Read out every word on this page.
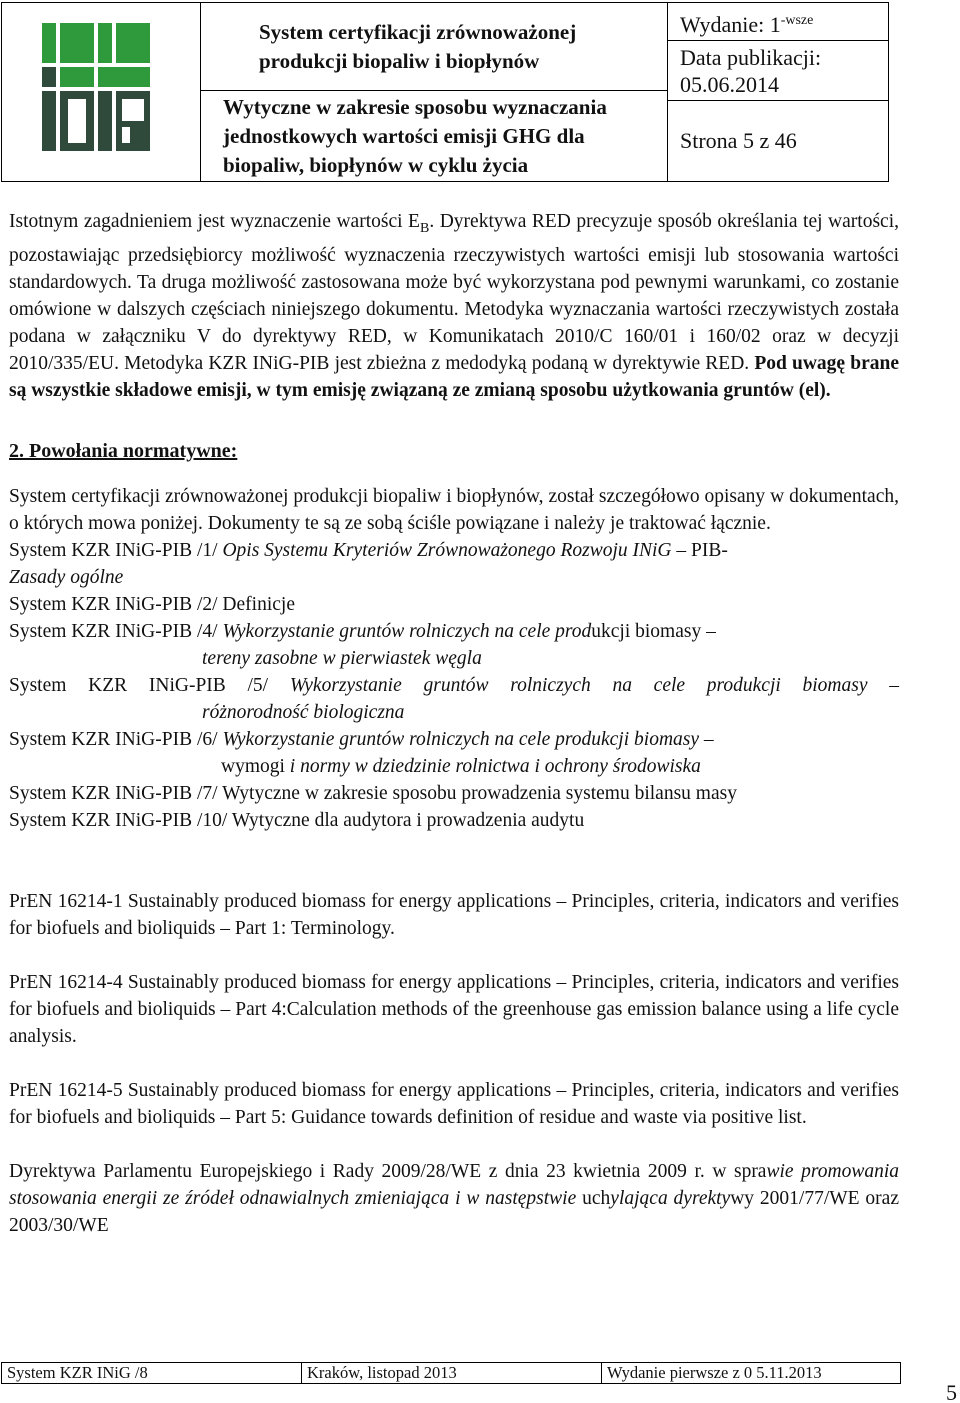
System certyfikacji zrównoważonej
produkcji biopaliw i biopłynów
Wytyczne w zakresie sposobu wyznaczania
jednostkowych wartości emisji GHG dla
biopaliw, biopłynów w cyklu życia
Wydanie: $1^{-wsze}$
Data publikacji:
05.06.2014
Strona 5 z 46

Istotnym zagadnieniem jest wyznaczenie wartości $E_B$. Dyrektywa RED precyzuje sposób określania tej wartości, pozostawiając przedsiębiorcy możliwość wyznaczenia rzeczywistych wartości emisji lub stosowania wartości standardowych. Ta druga możliwość zastosowana może być wykorzystana pod pewnymi warunkami, co zostanie omówione w dalszych częściach niniejszego dokumentu. Metodyka wyznaczania wartości rzeczywistych została podana w załączniku V do dyrektywy RED, w Komunikatach 2010/C 160/01 i 160/02 oraz w decyzji 2010/335/EU. Metodyka KZR INiG-PIB jest zbieżna z medodyką podaną w dyrektywie RED. Pod uwagę brane są wszystkie składowe emisji, w tym emisję związaną ze zmianą sposobu użytkowania gruntów (el).

2. Powołania normatywne:

System certyfikacji zrównoważonej produkcji biopaliw i biopłynów, został szczegółowo opisany w dokumentach, o których mowa poniżej. Dokumenty te są ze sobą ściśle powiązane i należy je traktować łącznie.

System KZR INiG-PIB /1/ Opis Systemu Kryteriów Zrównoważonego Rozwoju INiG – PIB-
Zasady ogólne
System KZR INiG-PIB /2/ Definicje
System KZR INiG-PIB /4/ Wykorzystanie gruntów rolniczych na cele produkcji biomasy –
tereny zasobne w pierwiastek węgla
System KZR INiG-PIB /5/ Wykorzystanie gruntów rolniczych na cele produkcji biomasy –
różnorodność biologiczna
System KZR INiG-PIB /6/ Wykorzystanie gruntów rolniczych na cele produkcji biomasy –
wymogi i normy w dziedzinie rolnictwa i ochrony środowiska
System KZR INiG-PIB /7/ Wytyczne w zakresie sposobu prowadzenia systemu bilansu masy
System KZR INiG-PIB /10/ Wytyczne dla audytora i prowadzenia audytu

PrEN 16214-1 Sustainably produced biomass for energy applications – Principles, criteria, indicators and verifies for biofuels and bioliquids – Part 1: Terminology.

PrEN 16214-4 Sustainably produced biomass for energy applications – Principles, criteria, indicators and verifies for biofuels and bioliquids – Part 4:Calculation methods of the greenhouse gas emission balance using a life cycle analysis.

PrEN 16214-5 Sustainably produced biomass for energy applications – Principles, criteria, indicators and verifies for biofuels and bioliquids – Part 5: Guidance towards definition of residue and waste via positive list.

Dyrektywa Parlamentu Europejskiego i Rady 2009/28/WE z dnia 23 kwietnia 2009 r. w sprawie promowania stosowania energii ze źródeł odnawialnych zmieniająca i w następstwie uchylająca dyrektywy 2001/77/WE oraz 2003/30/WE

System KZR INiG /8	Kraków, listopad 2013	Wydanie pierwsze z 0 5.11.2013
5
